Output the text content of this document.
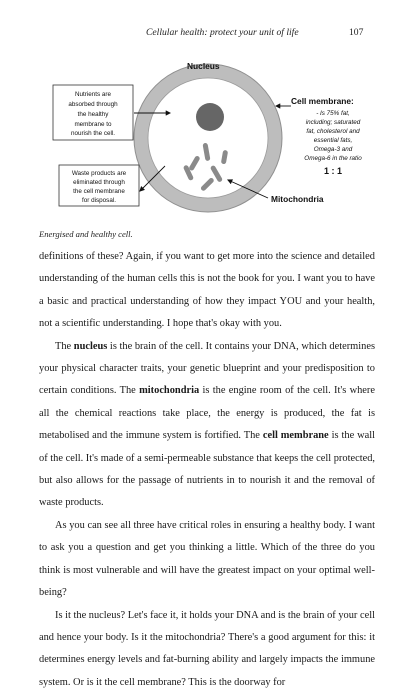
Cellular health: protect your unit of life	107
Nucleus
Nutrients are
absorbed through
the healthy
membrane to
nourish the cell.
Waste products are
eliminated through
the cell membrane
for disposal.
Cell membrane:
- Is 75% fat,
including; saturated
fat, cholesterol and
essential fats,
Omega-3 and
Omega-6 in the ratio
1 : 1
Mitochondria
Energised and healthy cell.

definitions of these? Again, if you want to get more into the science and detailed understanding of the human cells this is not the book for you. I want you to have a basic and practical understanding of how they impact YOU and your health, not a scientific understanding. I hope that's okay with you.

The nucleus is the brain of the cell. It contains your DNA, which determines your physical character traits, your genetic blueprint and your predisposition to certain conditions. The mitochondria is the engine room of the cell. It's where all the chemical reactions take place, the energy is produced, the fat is metabolised and the immune system is fortified. The cell membrane is the wall of the cell. It's made of a semi-permeable substance that keeps the cell protected, but also allows for the passage of nutrients in to nourish it and the removal of waste products.

As you can see all three have critical roles in ensuring a healthy body. I want to ask you a question and get you thinking a little. Which of the three do you think is most vulnerable and will have the greatest impact on your optimal well-being?

Is it the nucleus? Let's face it, it holds your DNA and is the brain of your cell and hence your body. Is it the mitochondria? There's a good argument for this: it determines energy levels and fat-burning ability and largely impacts the immune system. Or is it the cell membrane? This is the doorway for
